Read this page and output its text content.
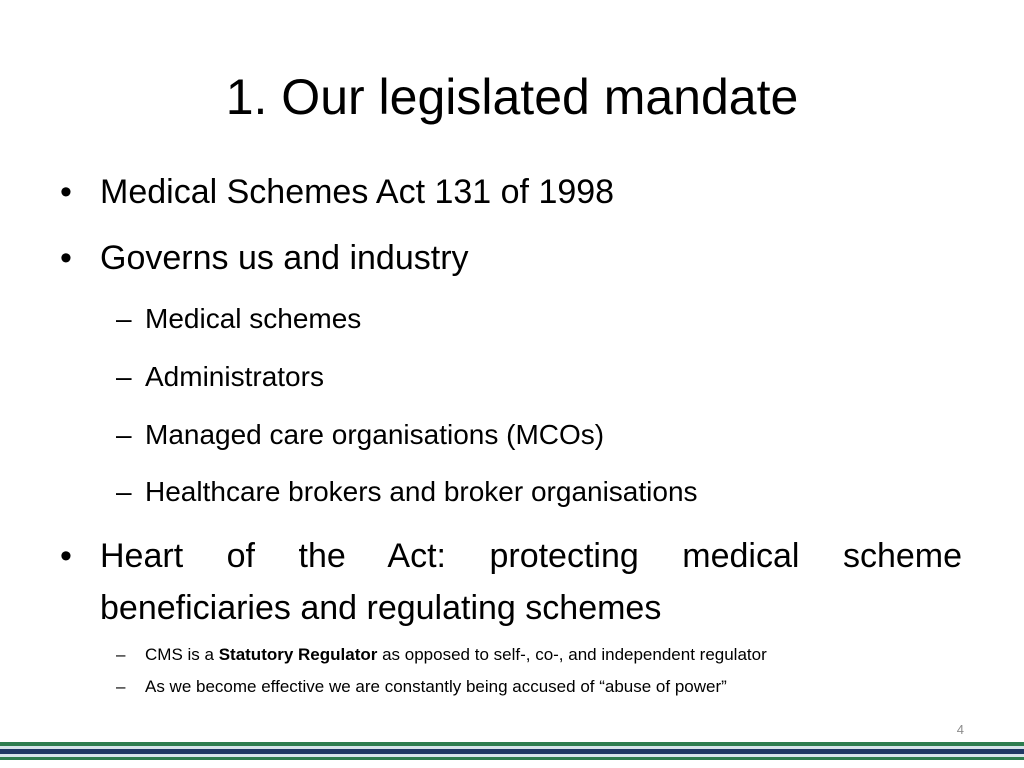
1. Our legislated mandate
• Medical Schemes Act 131 of 1998
• Governs us and industry
– Medical schemes
– Administrators
– Managed care organisations (MCOs)
– Healthcare brokers and broker organisations
• Heart of the Act: protecting medical scheme
beneficiaries and regulating schemes
– CMS is a Statutory Regulator as opposed to self-, co-, and independent regulator
– As we become effective we are constantly being accused of “abuse of power”
4
